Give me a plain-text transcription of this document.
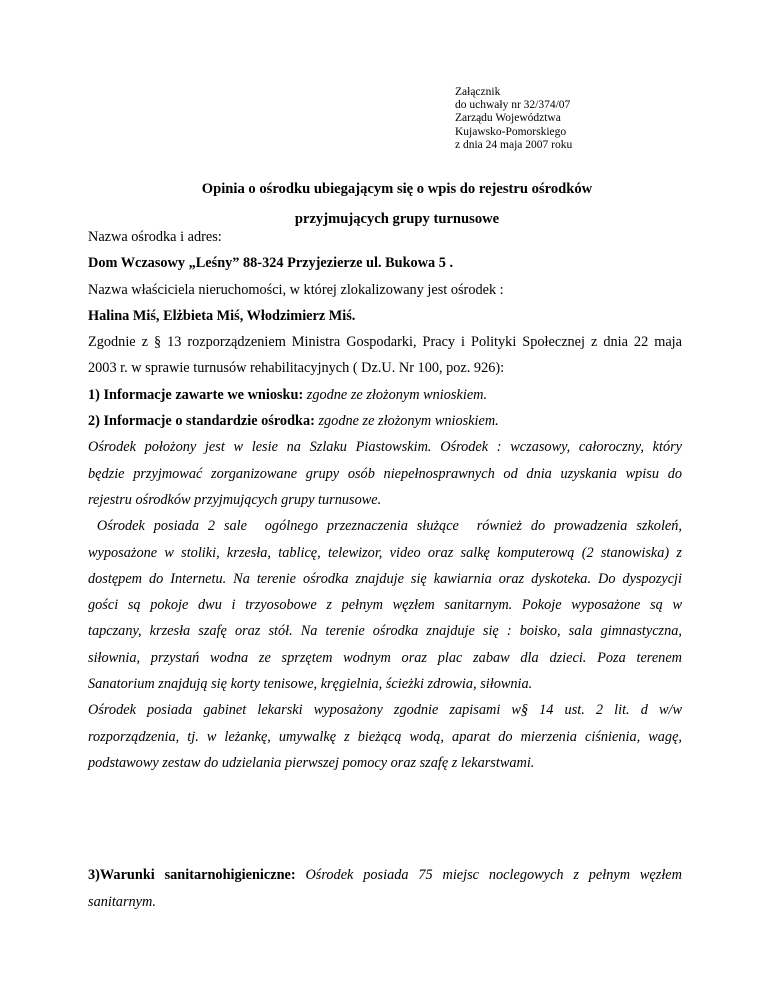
Załącznik
do uchwały nr 32/374/07
Zarządu Województwa
Kujawsko-Pomorskiego
z dnia 24 maja 2007 roku
Opinia o ośrodku ubiegającym się o wpis do rejestru ośrodków
przyjmujących grupy turnusowe
Nazwa ośrodka i adres:
Dom Wczasowy „Leśny” 88-324 Przyjezierze ul. Bukowa 5 .
Nazwa właściciela nieruchomości, w której zlokalizowany jest ośrodek :
Halina Miś, Elżbieta Miś, Włodzimierz Miś.
Zgodnie z § 13 rozporządzeniem Ministra Gospodarki, Pracy i Polityki Społecznej z dnia 22 maja
2003 r. w sprawie turnusów rehabilitacyjnych ( Dz.U. Nr 100, poz. 926):
1) Informacje zawarte we wniosku: zgodne ze złożonym wnioskiem.
2) Informacje o standardzie ośrodka: zgodne ze złożonym wnioskiem.
Ośrodek położony jest w lesie na Szlaku Piastowskim. Ośrodek : wczasowy, całoroczny, który
będzie przyjmować zorganizowane grupy osób niepełnosprawnych od dnia uzyskania wpisu do
rejestru ośrodków przyjmujących grupy turnusowe.
Ośrodek posiada 2 sale  ogólnego przeznaczenia służące  również do prowadzenia szkoleń,
wyposażone w stoliki, krzesła, tablicę, telewizor, video oraz salkę komputerową (2 stanowiska) z
dostępem do Internetu. Na terenie ośrodka znajduje się kawiarnia oraz dyskoteka. Do dyspozycji
gości są pokoje dwu i trzyosobowe z pełnym węzłem sanitarnym. Pokoje wyposażone są w
tapczany, krzesła szafę oraz stół. Na terenie ośrodka znajduje się : boisko, sala gimnastyczna,
siłownia, przystań wodna ze sprzętem wodnym oraz plac zabaw dla dzieci. Poza terenem
Sanatorium znajdują się korty tenisowe, kręgielnia, ścieżki zdrowia, siłownia.
Ośrodek posiada gabinet lekarski wyposażony zgodnie zapisami w§ 14 ust. 2 lit. d w/w
rozporządzenia, tj. w leżankę, umywalkę z bieżącą wodą, aparat do mierzenia ciśnienia, wagę,
podstawowy zestaw do udzielania pierwszej pomocy oraz szafę z lekarstwami.
3)Warunki sanitarnohigieniczne: Ośrodek posiada 75 miejsc noclegowych z pełnym węzłem
sanitarnym.
